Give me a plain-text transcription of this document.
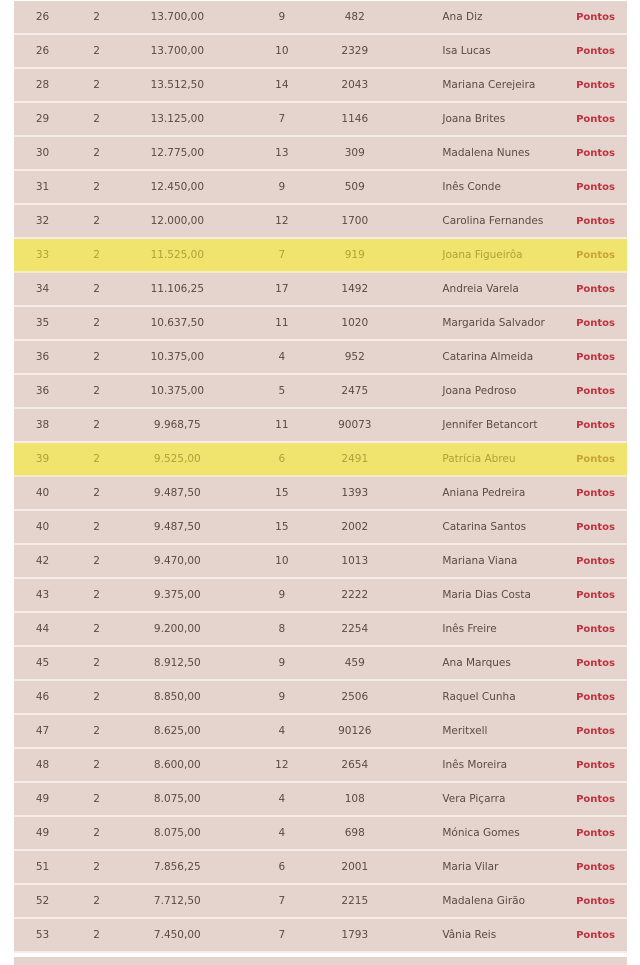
26	2	13.700,00	9	482	Ana Diz	Pontos
26	2	13.700,00	10	2329	Isa Lucas	Pontos
28	2	13.512,50	14	2043	Mariana Cerejeira	Pontos
29	2	13.125,00	7	1146	Joana Brites	Pontos
30	2	12.775,00	13	309	Madalena Nunes	Pontos
31	2	12.450,00	9	509	Inês Conde	Pontos
32	2	12.000,00	12	1700	Carolina Fernandes	Pontos
33	2	11.525,00	7	919	Joana Figueirôa	Pontos
34	2	11.106,25	17	1492	Andreia Varela	Pontos
35	2	10.637,50	11	1020	Margarida Salvador	Pontos
36	2	10.375,00	4	952	Catarina Almeida	Pontos
36	2	10.375,00	5	2475	Joana Pedroso	Pontos
38	2	9.968,75	11	90073	Jennifer Betancort	Pontos
39	2	9.525,00	6	2491	Patrícia Abreu	Pontos
40	2	9.487,50	15	1393	Aniana Pedreira	Pontos
40	2	9.487,50	15	2002	Catarina Santos	Pontos
42	2	9.470,00	10	1013	Mariana Viana	Pontos
43	2	9.375,00	9	2222	Maria Dias Costa	Pontos
44	2	9.200,00	8	2254	Inês Freire	Pontos
45	2	8.912,50	9	459	Ana Marques	Pontos
46	2	8.850,00	9	2506	Raquel Cunha	Pontos
47	2	8.625,00	4	90126	Meritxell	Pontos
48	2	8.600,00	12	2654	Inês Moreira	Pontos
49	2	8.075,00	4	108	Vera Piçarra	Pontos
49	2	8.075,00	4	698	Mónica Gomes	Pontos
51	2	7.856,25	6	2001	Maria Vilar	Pontos
52	2	7.712,50	7	2215	Madalena Girão	Pontos
53	2	7.450,00	7	1793	Vânia Reis	Pontos
